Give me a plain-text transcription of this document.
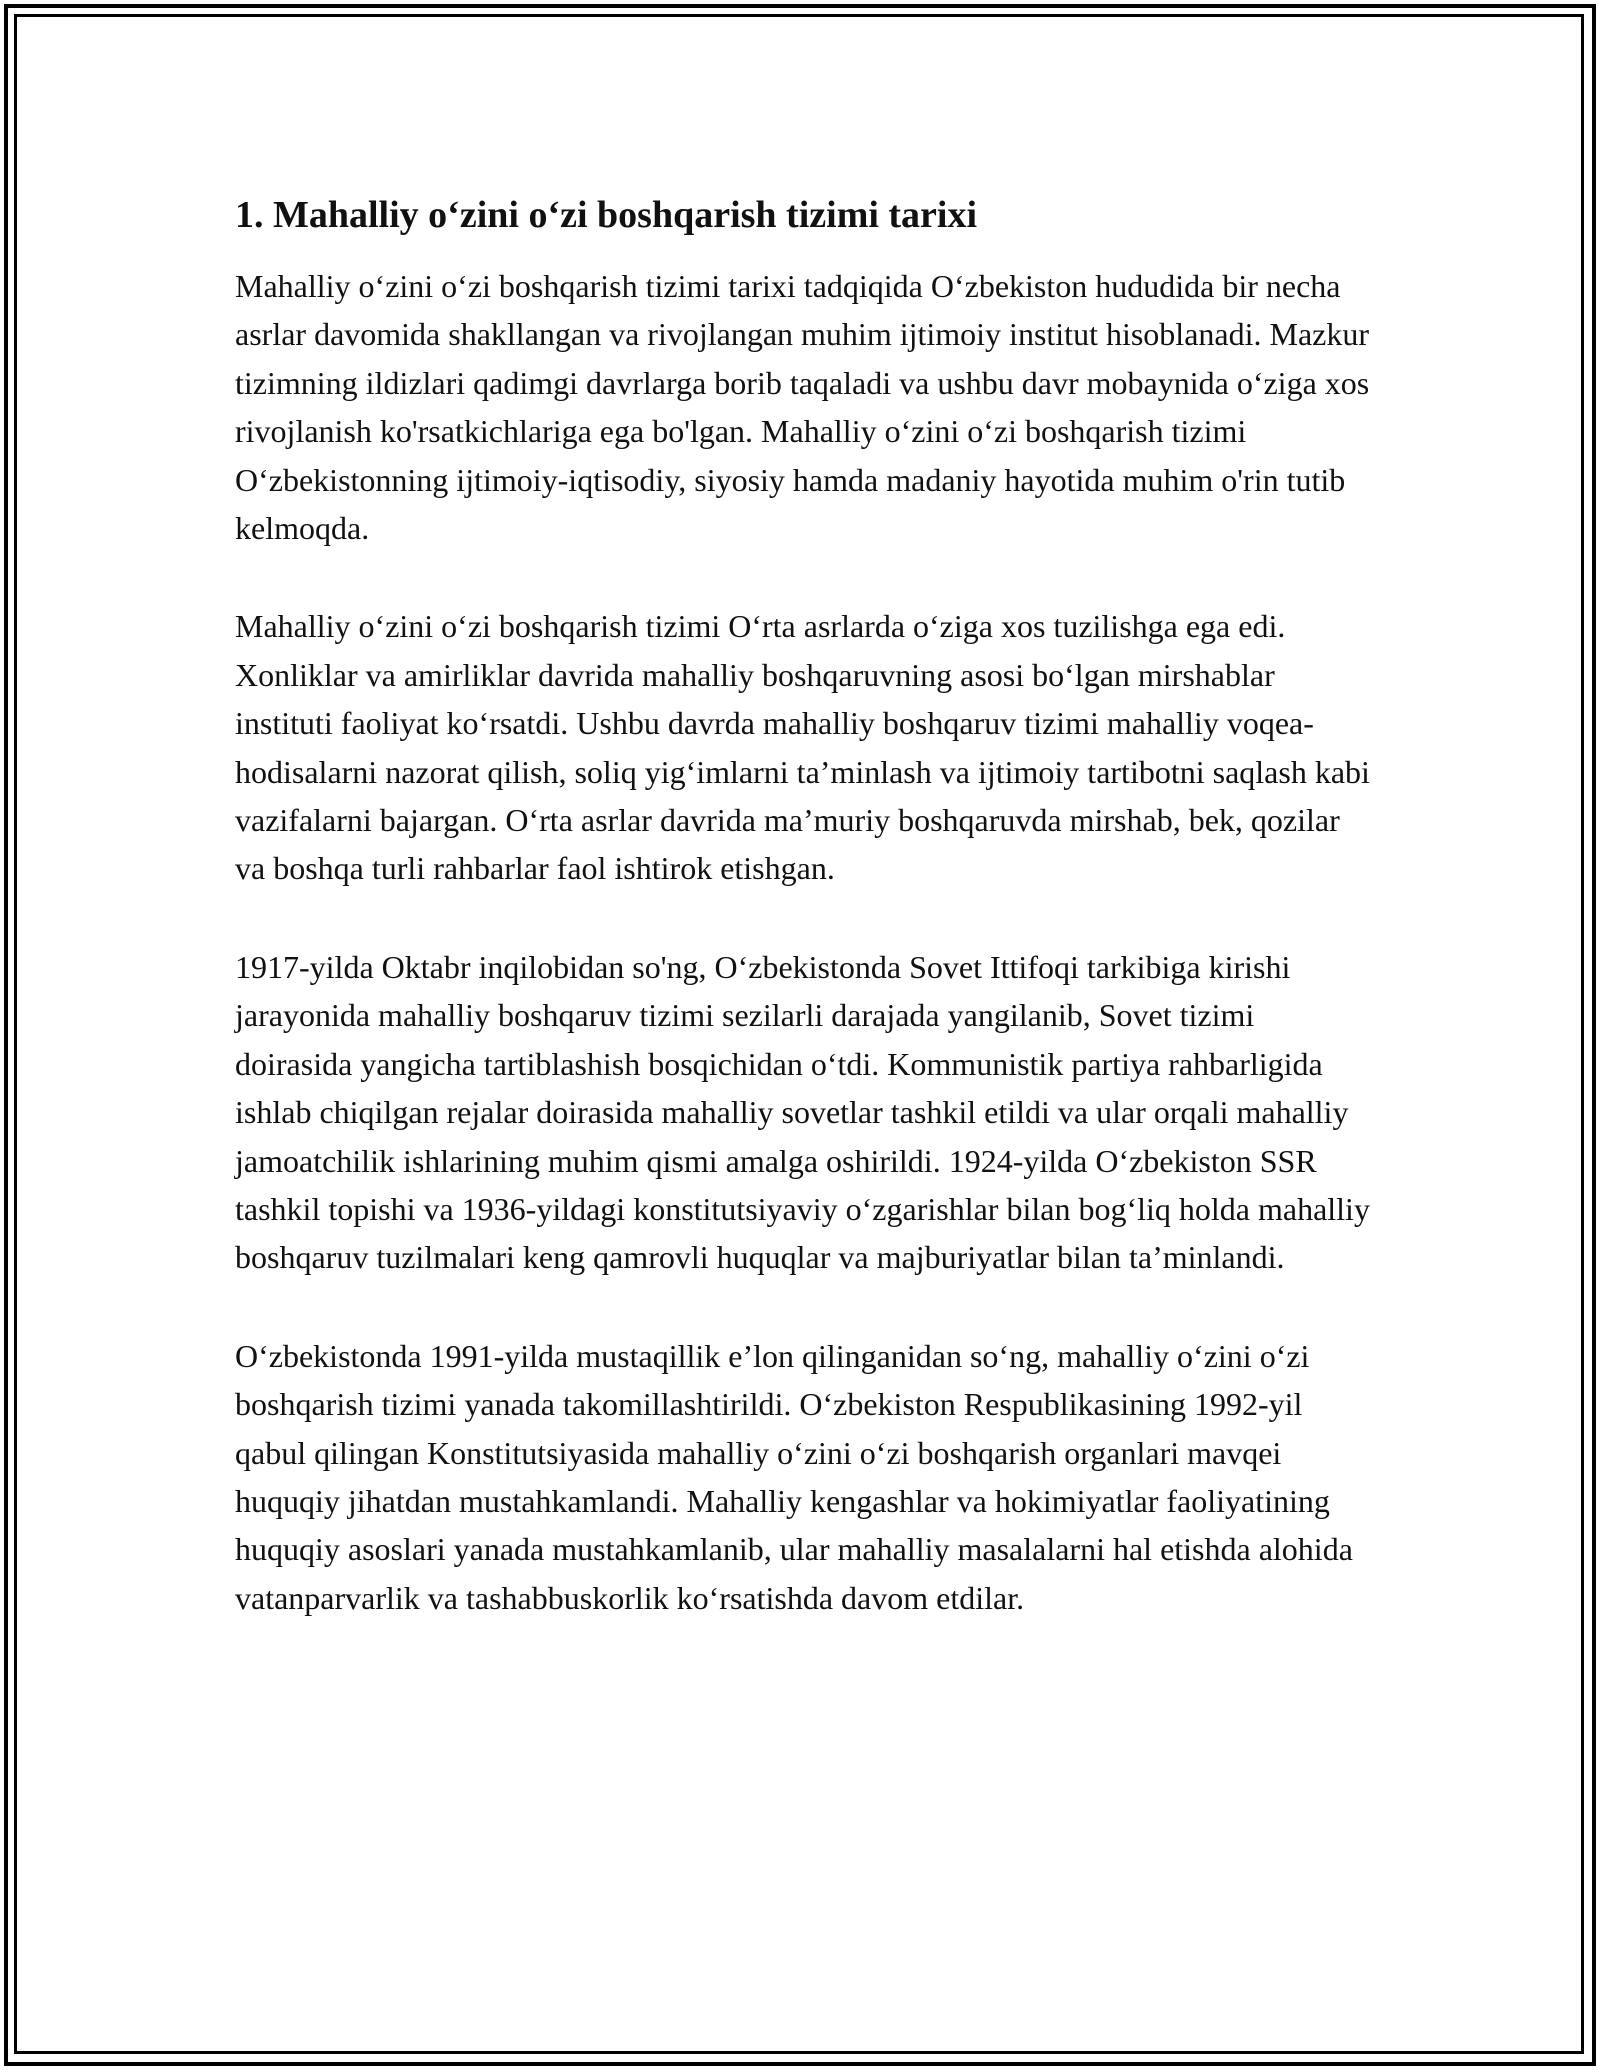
1. Mahalliy o‘zini o‘zi boshqarish tizimi tarixi

Mahalliy o‘zini o‘zi boshqarish tizimi tarixi tadqiqida O‘zbekiston hududida bir necha asrlar davomida shakllangan va rivojlangan muhim ijtimoiy institut hisoblanadi. Mazkur tizimning ildizlari qadimgi davrlarga borib taqaladi va ushbu davr mobaynida o‘ziga xos rivojlanish ko'rsatkichlariga ega bo'lgan. Mahalliy o‘zini o‘zi boshqarish tizimi O‘zbekistonning ijtimoiy-iqtisodiy, siyosiy hamda madaniy hayotida muhim o'rin tutib kelmoqda.

Mahalliy o‘zini o‘zi boshqarish tizimi O‘rta asrlarda o‘ziga xos tuzilishga ega edi. Xonliklar va amirliklar davrida mahalliy boshqaruvning asosi bo‘lgan mirshablar instituti faoliyat ko‘rsatdi. Ushbu davrda mahalliy boshqaruv tizimi mahalliy voqea-hodisalarni nazorat qilish, soliq yig‘imlarni ta’minlash va ijtimoiy tartibotni saqlash kabi vazifalarni bajargan. O‘rta asrlar davrida ma’muriy boshqaruvda mirshab, bek, qozilar va boshqa turli rahbarlar faol ishtirok etishgan.

1917-yilda Oktabr inqilobidan so'ng, O‘zbekistonda Sovet Ittifoqi tarkibiga kirishi jarayonida mahalliy boshqaruv tizimi sezilarli darajada yangilanib, Sovet tizimi doirasida yangicha tartiblashish bosqichidan o‘tdi. Kommunistik partiya rahbarligida ishlab chiqilgan rejalar doirasida mahalliy sovetlar tashkil etildi va ular orqali mahalliy jamoatchilik ishlarining muhim qismi amalga oshirildi. 1924-yilda O‘zbekiston SSR tashkil topishi va 1936-yildagi konstitutsiyaviy o‘zgarishlar bilan bog‘liq holda mahalliy boshqaruv tuzilmalari keng qamrovli huquqlar va majburiyatlar bilan ta’minlandi.

O‘zbekistonda 1991-yilda mustaqillik e’lon qilinganidan so‘ng, mahalliy o‘zini o‘zi boshqarish tizimi yanada takomillashtirildi. O‘zbekiston Respublikasining 1992-yil qabul qilingan Konstitutsiyasida mahalliy o‘zini o‘zi boshqarish organlari mavqei huquqiy jihatdan mustahkamlandi. Mahalliy kengashlar va hokimiyatlar faoliyatining huquqiy asoslari yanada mustahkamlanib, ular mahalliy masalalarni hal etishda alohida vatanparvarlik va tashabbuskorlik ko‘rsatishda davom etdilar.
